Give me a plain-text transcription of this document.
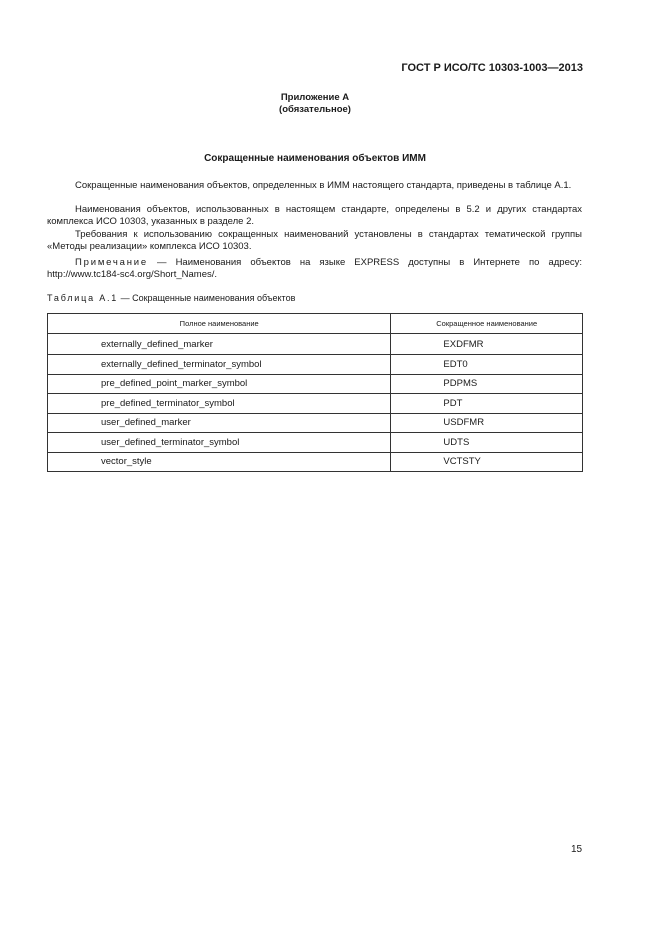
ГОСТ Р ИСО/ТС 10303-1003—2013
Приложение А
(обязательное)
Сокращенные наименования объектов ИММ

Сокращенные наименования объектов, определенных в ИММ настоящего стандарта, приведены в таблице А.1.

Наименования объектов, использованных в настоящем стандарте, определены в 5.2 и других стандартах комплекса ИСО 10303, указанных в разделе 2.

Требования к использованию сокращенных наименований установлены в стандартах тематической группы «Методы реализации» комплекса ИСО 10303.

Примечание — Наименования объектов на языке EXPRESS доступны в Интернете по адресу: http://www.tc184-sc4.org/Short_Names/.

Таблица А.1 — Сокращенные наименования объектов
Полное наименование	Сокращенное наименование
externally_defined_marker	EXDFMR
externally_defined_terminator_symbol	EDT0
pre_defined_point_marker_symbol	PDPMS
pre_defined_terminator_symbol	PDT
user_defined_marker	USDFMR
user_defined_terminator_symbol	UDTS
vector_style	VCTSTY
15
